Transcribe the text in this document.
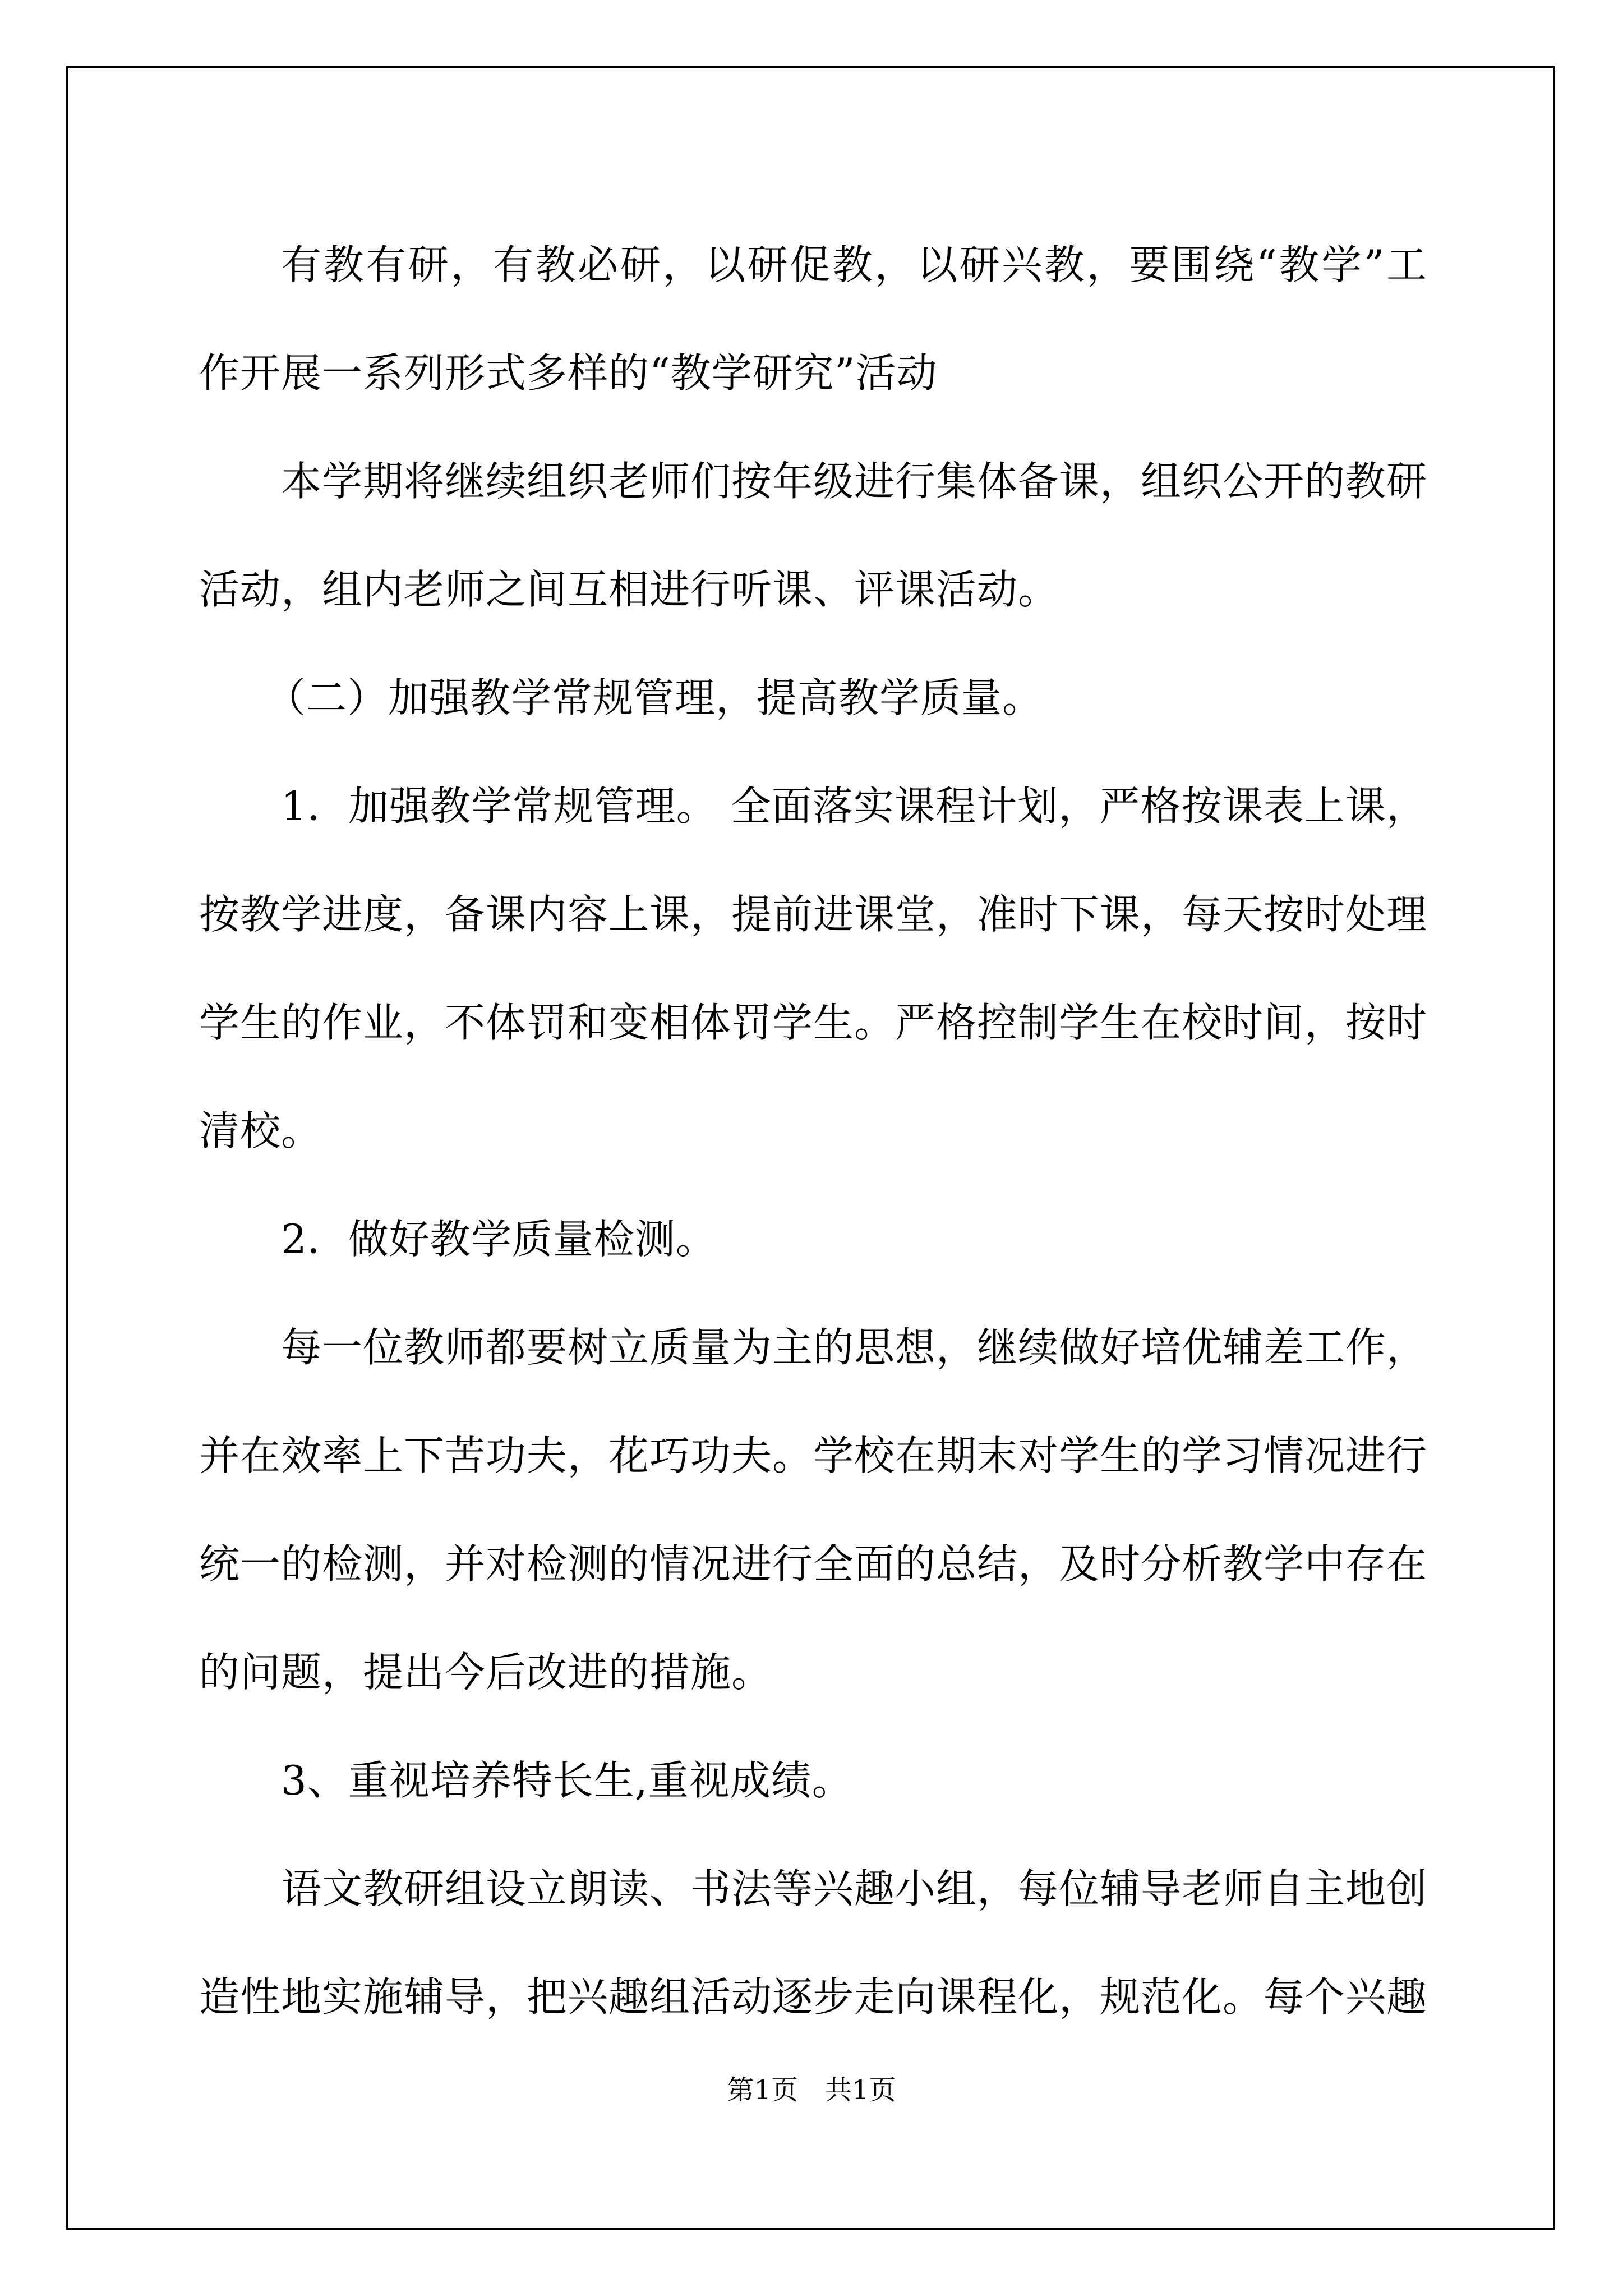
有教有研，有教必研，以研促教，以研兴教，要围绕“教学”工作开展一系列形式多样的“教学研究”活动

本学期将继续组织老师们按年级进行集体备课，组织公开的教研活动，组内老师之间互相进行听课、评课活动。

（二）加强教学常规管理，提高教学质量。

1．加强教学常规管理。 全面落实课程计划，严格按课表上课，按教学进度，备课内容上课，提前进课堂，准时下课，每天按时处理学生的作业，不体罚和变相体罚学生。严格控制学生在校时间，按时清校。

2．做好教学质量检测。

每一位教师都要树立质量为主的思想，继续做好培优辅差工作，并在效率上下苦功夫，花巧功夫。学校在期末对学生的学习情况进行统一的检测，并对检测的情况进行全面的总结，及时分析教学中存在的问题，提出今后改进的措施。

3、重视培养特长生,重视成绩。

语文教研组设立朗读、书法等兴趣小组，每位辅导老师自主地创造性地实施辅导，把兴趣组活动逐步走向课程化，规范化。每个兴趣

第1页　共1页
